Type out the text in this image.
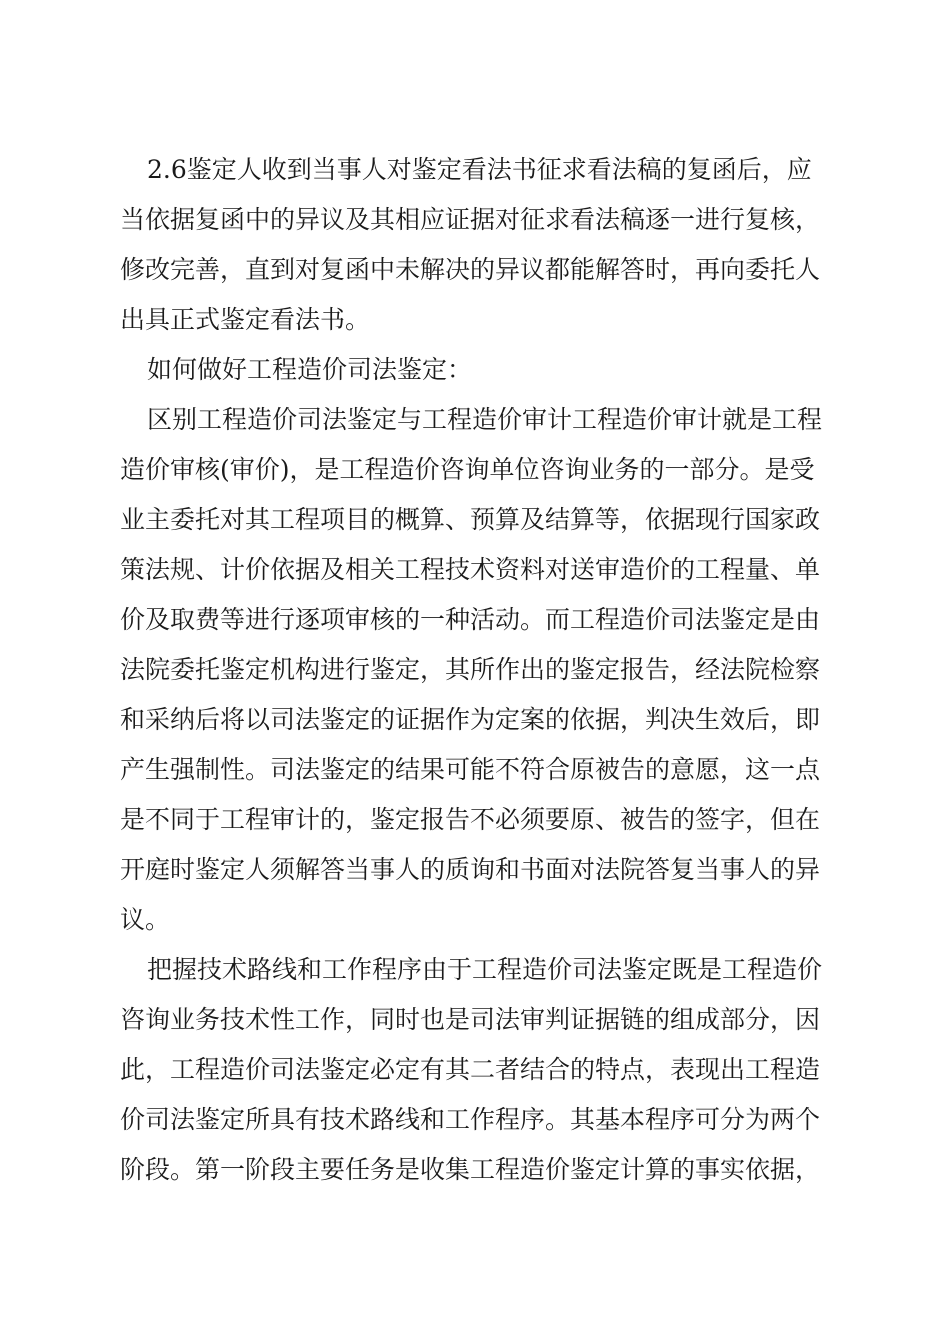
2.6鉴定人收到当事人对鉴定看法书征求看法稿的复函后，应
当依据复函中的异议及其相应证据对征求看法稿逐一进行复核，
修改完善，直到对复函中未解决的异议都能解答时，再向委托人
出具正式鉴定看法书。
如何做好工程造价司法鉴定：
区别工程造价司法鉴定与工程造价审计工程造价审计就是工程
造价审核(审价)，是工程造价咨询单位咨询业务的一部分。是受
业主委托对其工程项目的概算、预算及结算等，依据现行国家政
策法规、计价依据及相关工程技术资料对送审造价的工程量、单
价及取费等进行逐项审核的一种活动。而工程造价司法鉴定是由
法院委托鉴定机构进行鉴定，其所作出的鉴定报告，经法院检察
和采纳后将以司法鉴定的证据作为定案的依据，判决生效后，即
产生强制性。司法鉴定的结果可能不符合原被告的意愿，这一点
是不同于工程审计的，鉴定报告不必须要原、被告的签字，但在
开庭时鉴定人须解答当事人的质询和书面对法院答复当事人的异
议。
把握技术路线和工作程序由于工程造价司法鉴定既是工程造价
咨询业务技术性工作，同时也是司法审判证据链的组成部分，因
此，工程造价司法鉴定必定有其二者结合的特点，表现出工程造
价司法鉴定所具有技术路线和工作程序。其基本程序可分为两个
阶段。第一阶段主要任务是收集工程造价鉴定计算的事实依据，
